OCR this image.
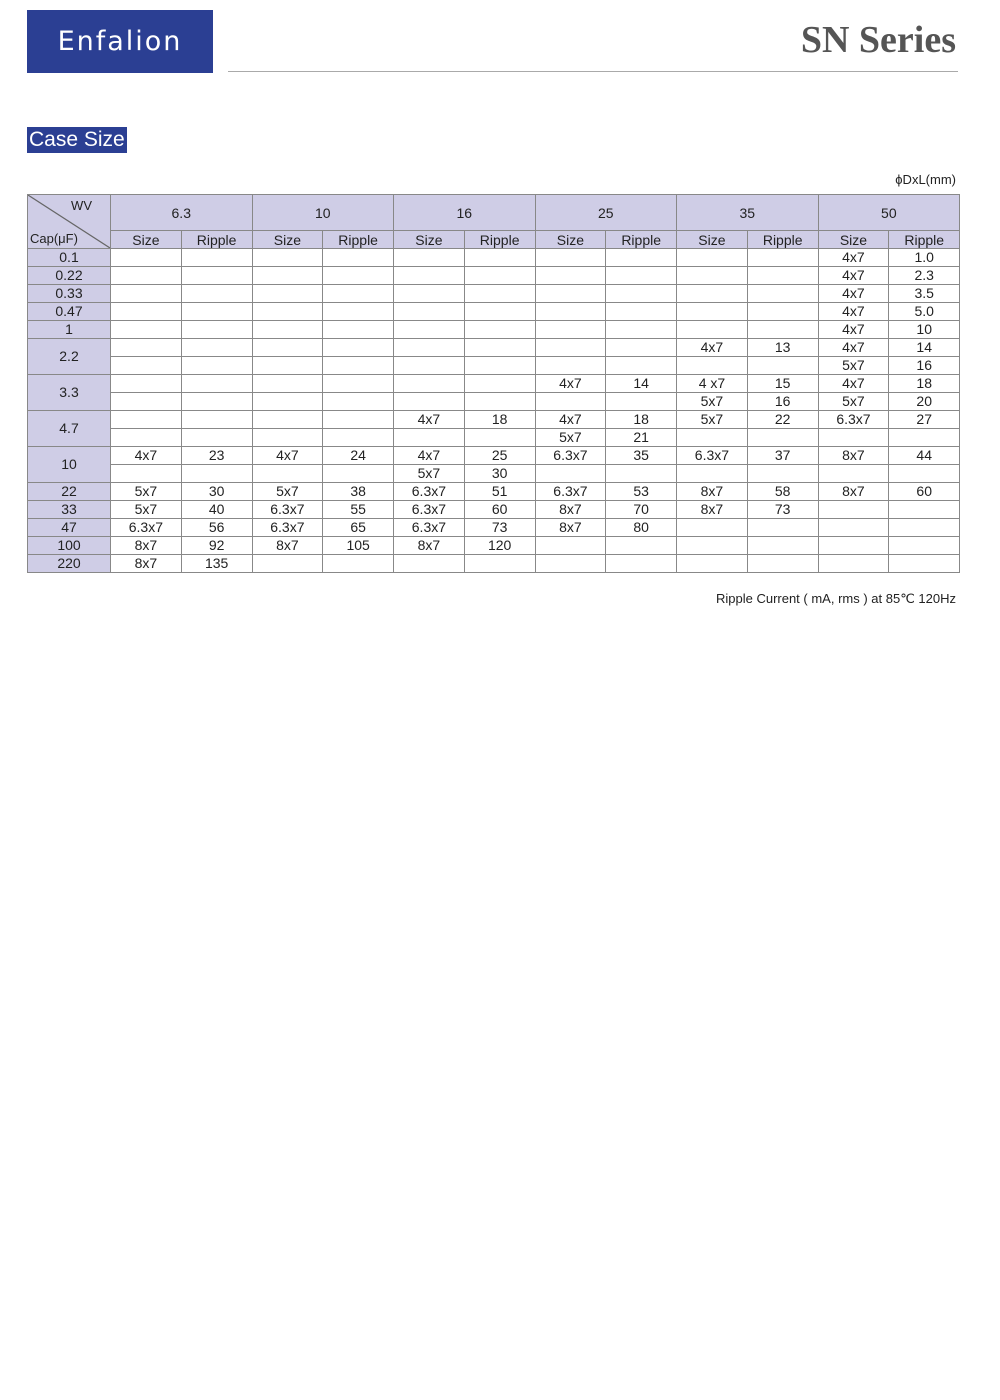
Enfalion	SN Series
Case Size
ϕDxL(mm)
WV
Cap(μF)	6.3		10		16		25		35		50	
	Size	Ripple	Size	Ripple	Size	Ripple	Size	Ripple	Size	Ripple	Size	Ripple
0.1											4x7	1.0
0.22											4x7	2.3
0.33											4x7	3.5
0.47											4x7	5.0
1											4x7	10
2.2									4x7	13	4x7	14
											5x7	16
3.3							4x7	14	4 x7	15	4x7	18
									5x7	16	5x7	20
4.7					4x7	18	4x7	18	5x7	22	6.3x7	27
							5x7	21				
10	4x7	23	4x7	24	4x7	25	6.3x7	35	6.3x7	37	8x7	44
					5x7	30						
22	5x7	30	5x7	38	6.3x7	51	6.3x7	53	8x7	58	8x7	60
33	5x7	40	6.3x7	55	6.3x7	60	8x7	70	8x7	73		
47	6.3x7	56	6.3x7	65	6.3x7	73	8x7	80				
100	8x7	92	8x7	105	8x7	120						
220	8x7	135										
Ripple Current ( mA, rms ) at 85℃ 120Hz
